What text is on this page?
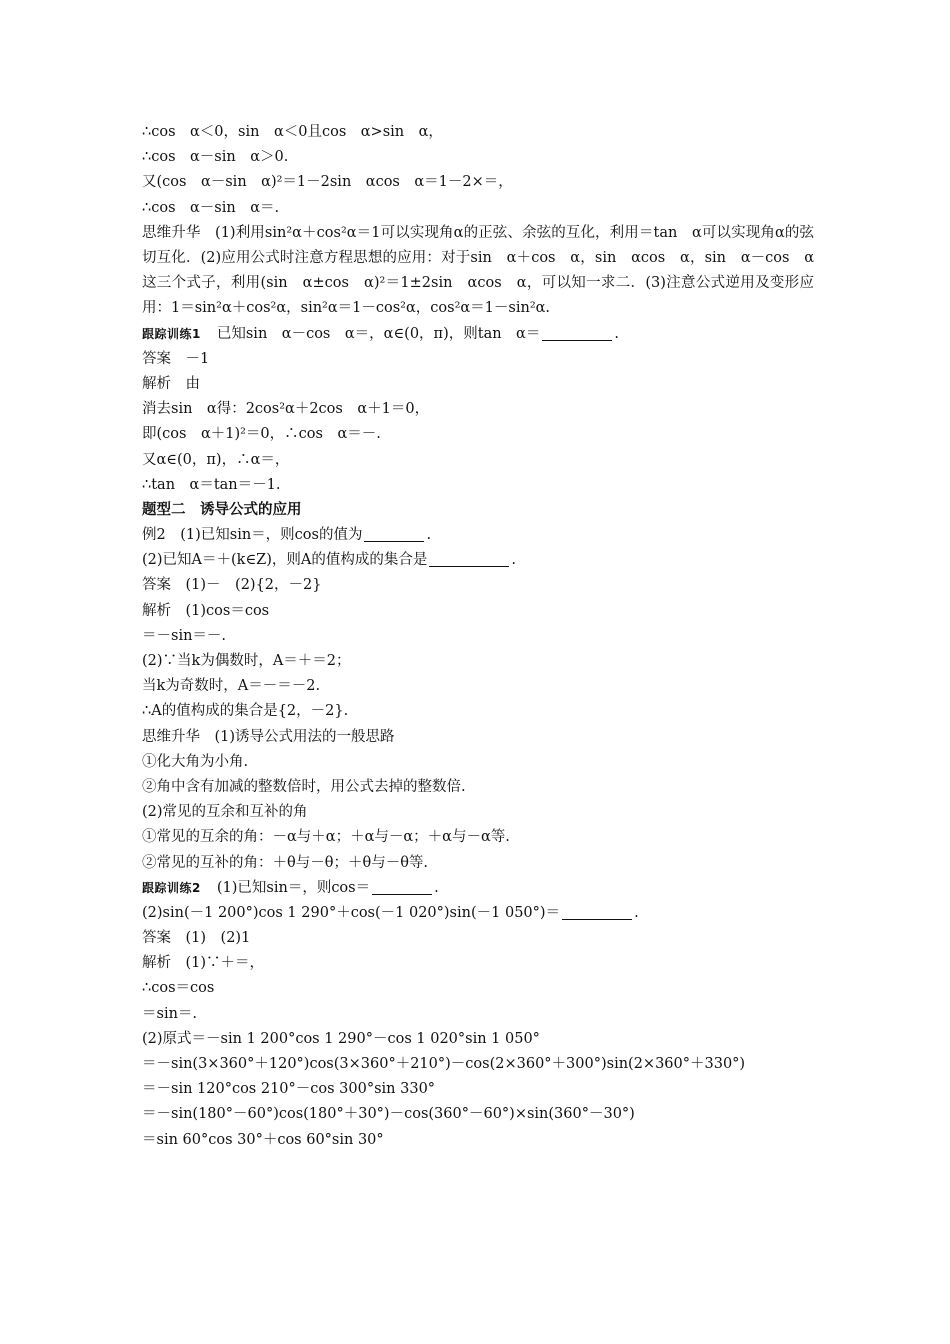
∴cos　α＜0，sin　α＜0且cos　α>sin　α，
∴cos　α－sin　α＞0.
又(cos　α－sin　α)²＝1－2sin　αcos　α＝1－2×＝，
∴cos　α－sin　α＝.
思维升华　(1)利用sin²α＋cos²α＝1可以实现角α的正弦、余弦的互化，利用＝tan　α可以实现角α的弦切互化．(2)应用公式时注意方程思想的应用：对于sin　α＋cos　α，sin　αcos　α，sin　α－cos　α这三个式子，利用(sin　α±cos　α)²＝1±2sin　αcos　α，可以知一求二．(3)注意公式逆用及变形应用：1＝sin²α＋cos²α，sin²α＝1－cos²α，cos²α＝1－sin²α.
跟踪训练1 已知sin　α－cos　α＝，α∈(0，π)，则tan　α＝	.
答案　－1
解析　由
消去sin　α得：2cos²α＋2cos　α＋1＝0，
即(cos　α＋1)²＝0，∴cos　α＝－.
又α∈(0，π)，∴α＝，
∴tan　α＝tan＝－1.
题型二　诱导公式的应用
例2　(1)已知sin＝，则cos的值为	.
(2)已知A＝＋(k∈Z)，则A的值构成的集合是	.
答案　(1)－　(2){2，－2}
解析　(1)cos＝cos
＝－sin＝－.
(2)∵当k为偶数时，A＝＋＝2；
当k为奇数时，A＝－＝－2.
∴A的值构成的集合是{2，－2}.
思维升华　(1)诱导公式用法的一般思路
①化大角为小角.
②角中含有加减的整数倍时，用公式去掉的整数倍.
(2)常见的互余和互补的角
①常见的互余的角：－α与＋α；＋α与－α；＋α与－α等.
②常见的互补的角：＋θ与－θ；＋θ与－θ等.
跟踪训练2 (1)已知sin＝，则cos＝	.
(2)sin(－1 200°)cos 1 290°＋cos(－1 020°)sin(－1 050°)＝	.
答案　(1)　(2)1
解析　(1)∵＋＝，
∴cos＝cos
＝sin＝.
(2)原式＝－sin 1 200°cos 1 290°－cos 1 020°sin 1 050°
＝－sin(3×360°＋120°)cos(3×360°＋210°)－cos(2×360°＋300°)sin(2×360°＋330°)
＝－sin 120°cos 210°－cos 300°sin 330°
＝－sin(180°－60°)cos(180°＋30°)－cos(360°－60°)×sin(360°－30°)
＝sin 60°cos 30°＋cos 60°sin 30°
